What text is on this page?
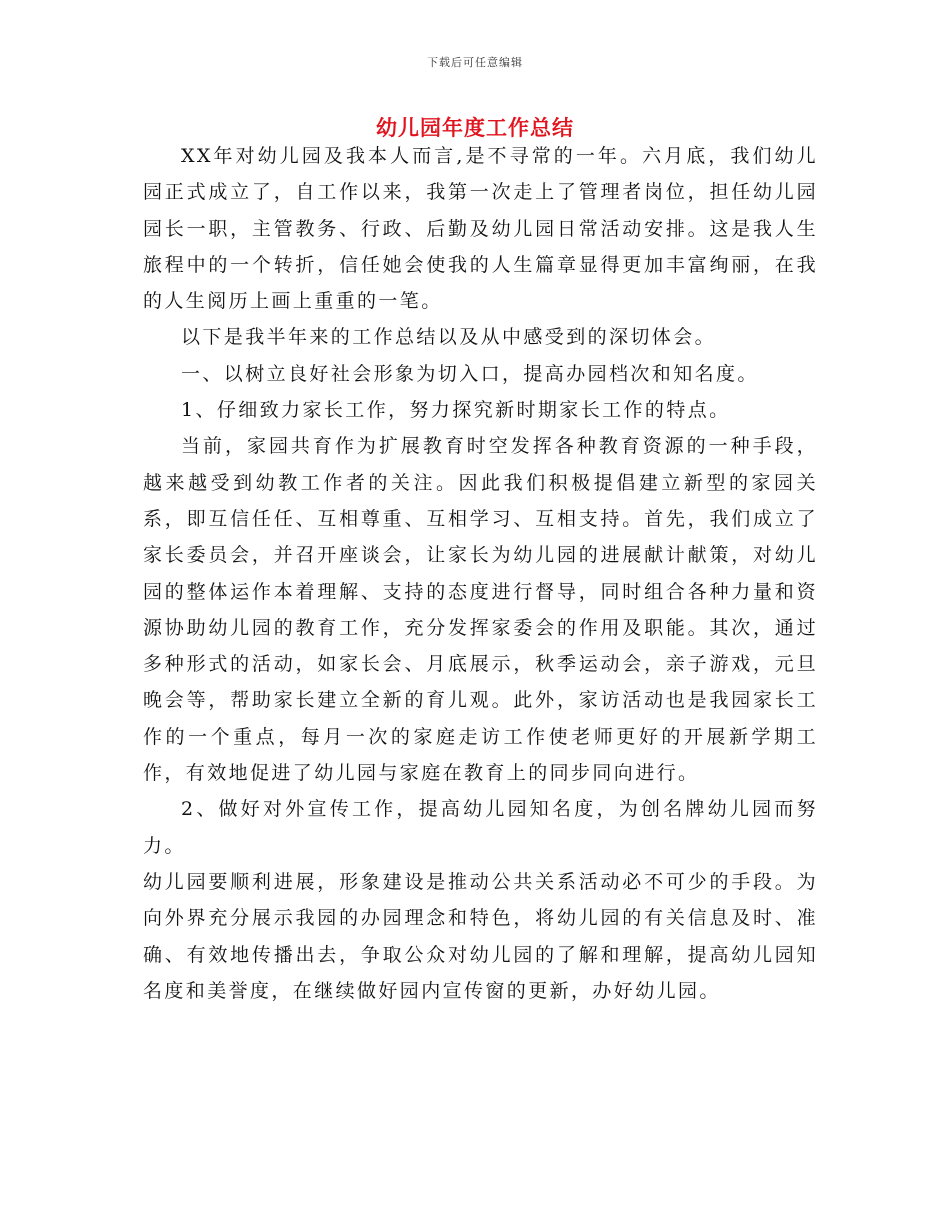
下载后可任意编辑
幼儿园年度工作总结

XX年对幼儿园及我本人而言,是不寻常的一年。六月底，我们幼儿园正式成立了，自工作以来，我第一次走上了管理者岗位，担任幼儿园园长一职，主管教务、行政、后勤及幼儿园日常活动安排。这是我人生旅程中的一个转折，信任她会使我的人生篇章显得更加丰富绚丽，在我的人生阅历上画上重重的一笔。

以下是我半年来的工作总结以及从中感受到的深切体会。

一、以树立良好社会形象为切入口，提高办园档次和知名度。

1、仔细致力家长工作，努力探究新时期家长工作的特点。

当前，家园共育作为扩展教育时空发挥各种教育资源的一种手段，越来越受到幼教工作者的关注。因此我们积极提倡建立新型的家园关系，即互信任任、互相尊重、互相学习、互相支持。首先，我们成立了家长委员会，并召开座谈会，让家长为幼儿园的进展献计献策，对幼儿园的整体运作本着理解、支持的态度进行督导，同时组合各种力量和资源协助幼儿园的教育工作，充分发挥家委会的作用及职能。其次，通过多种形式的活动，如家长会、月底展示，秋季运动会，亲子游戏，元旦晚会等，帮助家长建立全新的育儿观。此外，家访活动也是我园家长工作的一个重点，每月一次的家庭走访工作使老师更好的开展新学期工作，有效地促进了幼儿园与家庭在教育上的同步同向进行。

2、做好对外宣传工作，提高幼儿园知名度，为创名牌幼儿园而努力。

幼儿园要顺利进展，形象建设是推动公共关系活动必不可少的手段。为向外界充分展示我园的办园理念和特色，将幼儿园的有关信息及时、准确、有效地传播出去，争取公众对幼儿园的了解和理解，提高幼儿园知名度和美誉度，在继续做好园内宣传窗的更新，办好幼儿园。
